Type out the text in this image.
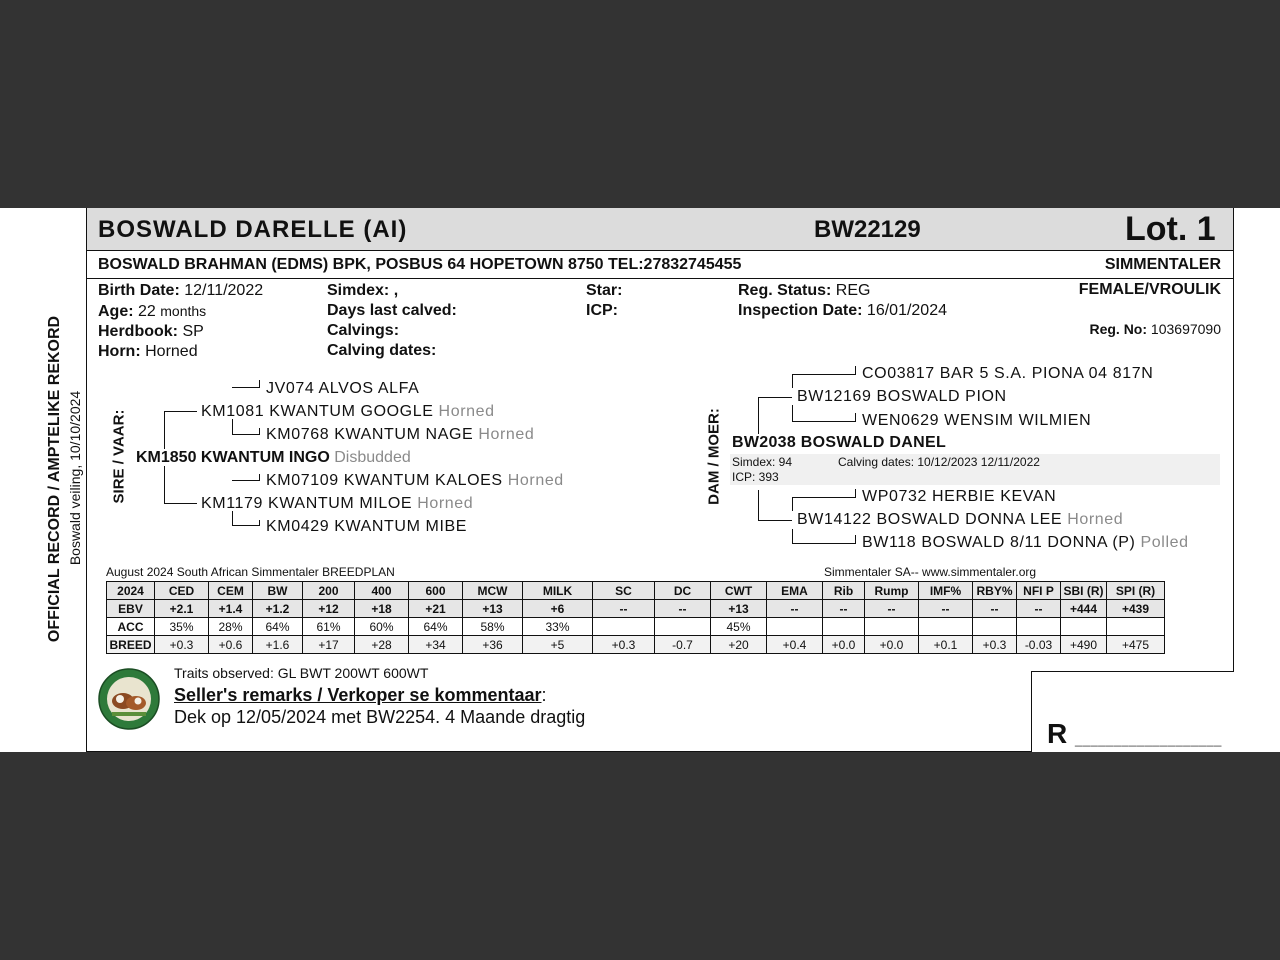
BOSWALD DARELLE (AI)	BW22129	Lot. 1
BOSWALD BRAHMAN (EDMS) BPK, POSBUS 64 HOPETOWN 8750 TEL:27832745455	SIMMENTALER
OFFICIAL RECORD / AMPTELIKE REKORD Boswald veiling, 10/10/2024
Birth Date: 12/11/2022
Age: 22 months
Herdbook: SP
Horn: Horned
Simdex: ,
Days last calved:
Calvings:
Calving dates:
Star:
ICP:
Reg. Status: REG
Inspection Date: 16/01/2024
FEMALE/VROULIK
Reg. No: 103697090
SIRE / VAAR:
JV074 ALVOS ALFA
KM1081 KWANTUM GOOGLE Horned
KM0768 KWANTUM NAGE Horned
KM1850 KWANTUM INGO Disbudded
KM07109 KWANTUM KALOES Horned
KM1179 KWANTUM MILOE Horned
KM0429 KWANTUM MIBE
DAM / MOER:
CO03817 BAR 5 S.A. PIONA 04 817N
BW12169 BOSWALD PION
WEN0629 WENSIM WILMIEN
BW2038 BOSWALD DANEL
Simdex: 94	Calving dates: 10/12/2023 12/11/2022
ICP: 393
WP0732 HERBIE KEVAN
BW14122 BOSWALD DONNA LEE Horned
BW118 BOSWALD 8/11 DONNA (P) Polled
August 2024 South African Simmentaler BREEDPLAN	Simmentaler SA-- www.simmentaler.org
2024	CED	CEM	BW	200	400	600	MCW	MILK	SC	DC	CWT	EMA	Rib	Rump	IMF%	RBY%	NFI P	SBI (R)	SPI (R)
EBV	+2.1	+1.4	+1.2	+12	+18	+21	+13	+6	--	--	+13	--	--	--	--	--	--	+444	+439
ACC	35%	28%	64%	61%	60%	64%	58%	33%			45%								
BREED	+0.3	+0.6	+1.6	+17	+28	+34	+36	+5	+0.3	-0.7	+20	+0.4	+0.0	+0.0	+0.1	+0.3	-0.03	+490	+475
Traits observed: GL BWT 200WT 600WT
Seller's remarks / Verkoper se kommentaar:
Dek op 12/05/2024 met BW2254. 4 Maande dragtig
R ___________________
